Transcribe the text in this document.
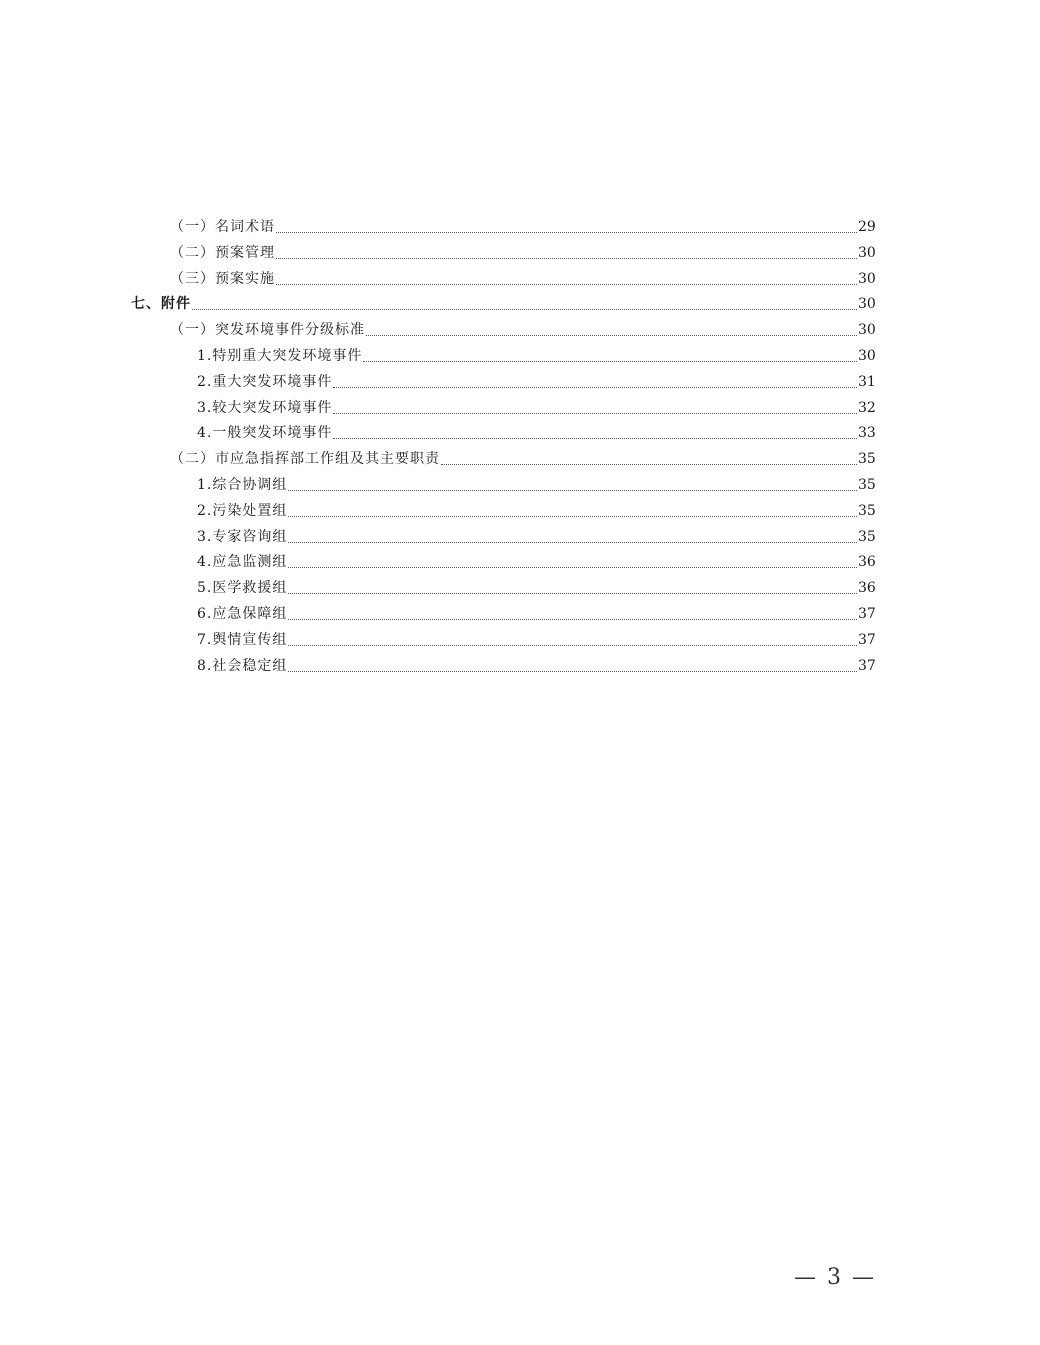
（一）名词术语	29
（二）预案管理	30
（三）预案实施	30
七、附件	30
（一）突发环境事件分级标准	30
1.特别重大突发环境事件	30
2.重大突发环境事件	31
3.较大突发环境事件	32
4.一般突发环境事件	33
（二）市应急指挥部工作组及其主要职责	35
1.综合协调组	35
2.污染处置组	35
3.专家咨询组	35
4.应急监测组	36
5.医学救援组	36
6.应急保障组	37
7.舆情宣传组	37
8.社会稳定组	37
— 3 —
